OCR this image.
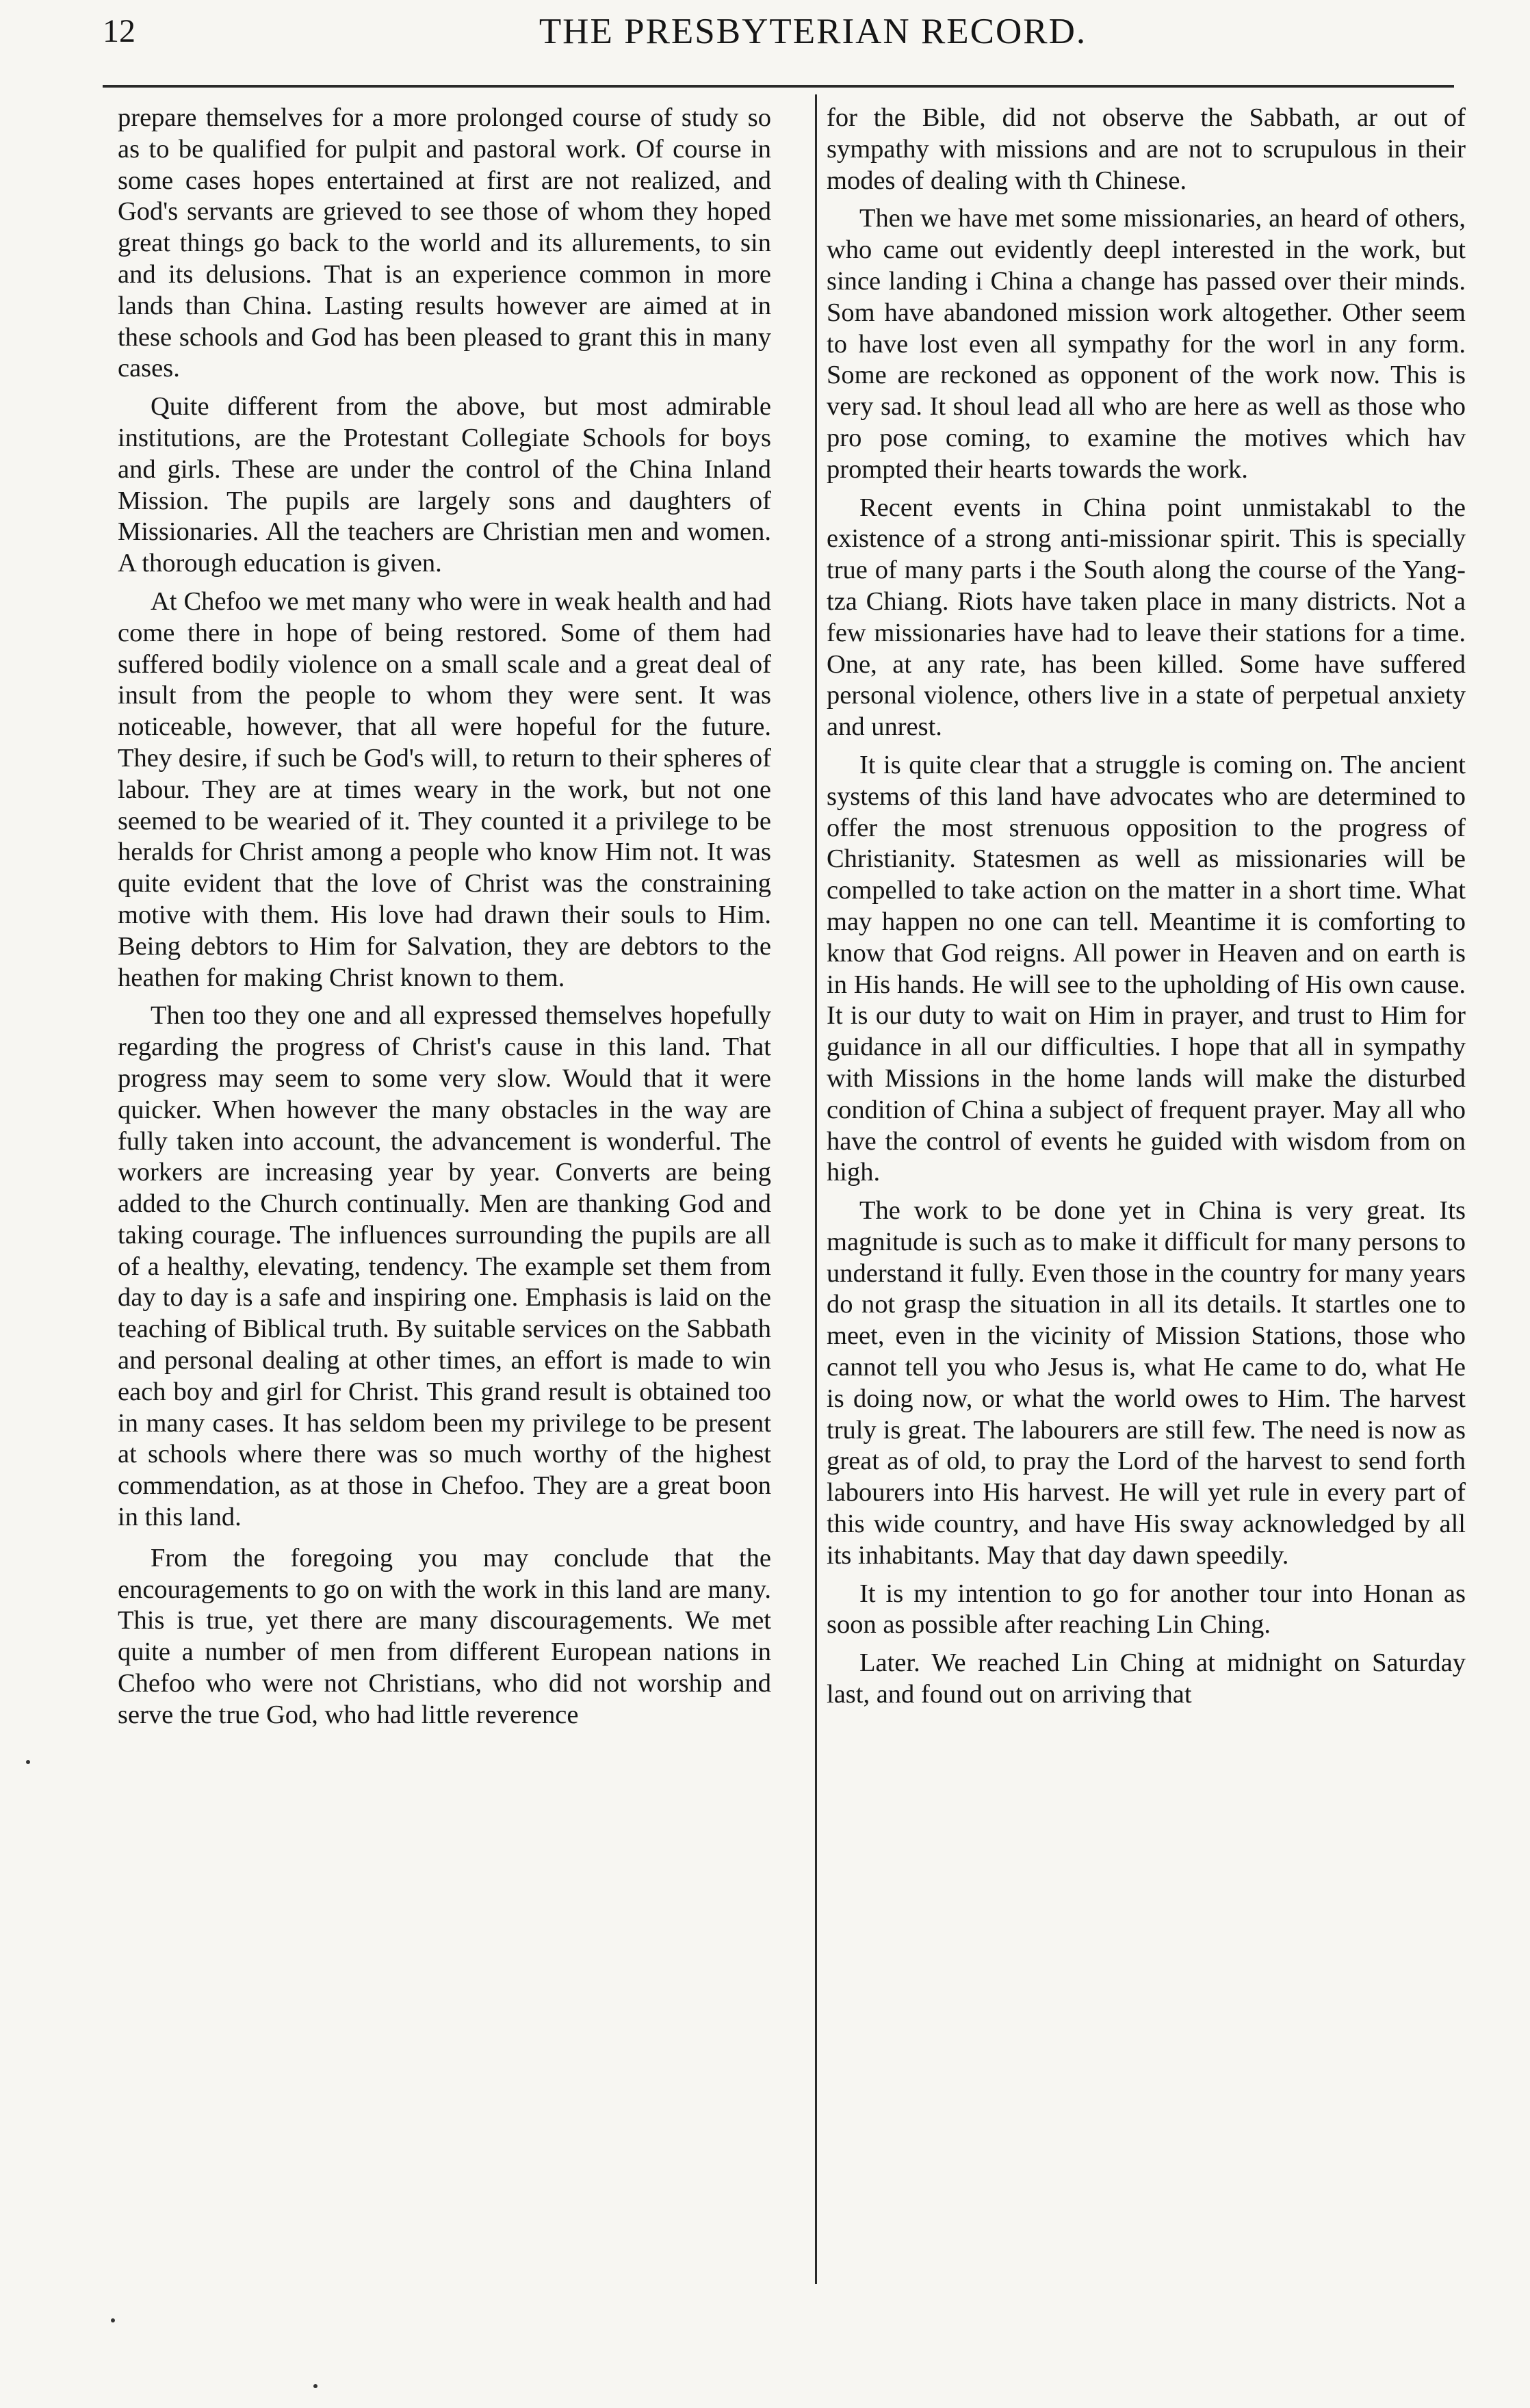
12	THE PRESBYTERIAN RECORD.

prepare themselves for a more prolonged course of study so as to be qualified for pulpit and pastoral work. Of course in some cases hopes entertained at first are not realized, and God's servants are grieved to see those of whom they hoped great things go back to the world and its allurements, to sin and its delusions. That is an experience common in more lands than China. Lasting results however are aimed at in these schools and God has been pleased to grant this in many cases.

Quite different from the above, but most admirable institutions, are the Protestant Collegiate Schools for boys and girls. These are under the control of the China Inland Mission. The pupils are largely sons and daughters of Missionaries. All the teachers are Christian men and women. A thorough education is given.

At Chefoo we met many who were in weak health and had come there in hope of being restored. Some of them had suffered bodily violence on a small scale and a great deal of insult from the people to whom they were sent. It was noticeable, however, that all were hopeful for the future. They desire, if such be God's will, to return to their spheres of labour. They are at times weary in the work, but not one seemed to be wearied of it. They counted it a privilege to be heralds for Christ among a people who know Him not. It was quite evident that the love of Christ was the constraining motive with them. His love had drawn their souls to Him. Being debtors to Him for Salvation, they are debtors to the heathen for making Christ known to them.

Then too they one and all expressed themselves hopefully regarding the progress of Christ's cause in this land. That progress may seem to some very slow. Would that it were quicker. When however the many obstacles in the way are fully taken into account, the advancement is wonderful. The workers are increasing year by year. Converts are being added to the Church continually. Men are thanking God and taking courage. The influences surrounding the pupils are all of a healthy, elevating, tendency. The example set them from day to day is a safe and inspiring one. Emphasis is laid on the teaching of Biblical truth. By suitable services on the Sabbath and personal dealing at other times, an effort is made to win each boy and girl for Christ. This grand result is obtained too in many cases. It has seldom been my privilege to be present at schools where there was so much worthy of the highest commendation, as at those in Chefoo. They are a great boon in this land.

From the foregoing you may conclude that the encouragements to go on with the work in this land are many. This is true, yet there are many discouragements. We met quite a number of men from different European nations in Chefoo who were not Christians, who did not worship and serve the true God, who had little reverence

for the Bible, did not observe the Sabbath, ar out of sympathy with missions and are not to scrupulous in their modes of dealing with th Chinese.

Then we have met some missionaries, an heard of others, who came out evidently deepl interested in the work, but since landing i China a change has passed over their minds. Som have abandoned mission work altogether. Other seem to have lost even all sympathy for the worl in any form. Some are reckoned as opponent of the work now. This is very sad. It shoul lead all who are here as well as those who pro pose coming, to examine the motives which hav prompted their hearts towards the work.

Recent events in China point unmistakabl to the existence of a strong anti-missionar spirit. This is specially true of many parts i the South along the course of the Yang-tza Chiang. Riots have taken place in many districts. Not a few missionaries have had to leave their stations for a time. One, at any rate, has been killed. Some have suffered personal violence, others live in a state of perpetual anxiety and unrest.

It is quite clear that a struggle is coming on. The ancient systems of this land have advocates who are determined to offer the most strenuous opposition to the progress of Christianity. Statesmen as well as missionaries will be compelled to take action on the matter in a short time. What may happen no one can tell. Meantime it is comforting to know that God reigns. All power in Heaven and on earth is in His hands. He will see to the upholding of His own cause. It is our duty to wait on Him in prayer, and trust to Him for guidance in all our difficulties. I hope that all in sympathy with Missions in the home lands will make the disturbed condition of China a subject of frequent prayer. May all who have the control of events he guided with wisdom from on high.

The work to be done yet in China is very great. Its magnitude is such as to make it difficult for many persons to understand it fully. Even those in the country for many years do not grasp the situation in all its details. It startles one to meet, even in the vicinity of Mission Stations, those who cannot tell you who Jesus is, what He came to do, what He is doing now, or what the world owes to Him. The harvest truly is great. The labourers are still few. The need is now as great as of old, to pray the Lord of the harvest to send forth labourers into His harvest. He will yet rule in every part of this wide country, and have His sway acknowledged by all its inhabitants. May that day dawn speedily.

It is my intention to go for another tour into Honan as soon as possible after reaching Lin Ching.

Later. We reached Lin Ching at midnight on Saturday last, and found out on arriving that
